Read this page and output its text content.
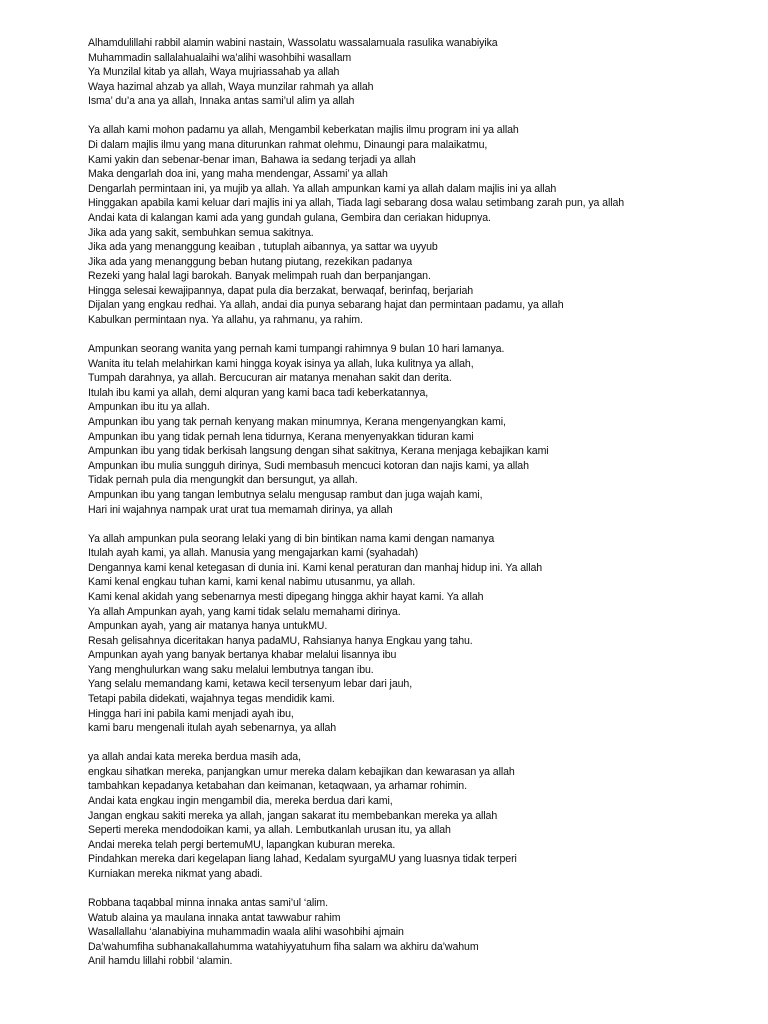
Alhamdulillahi rabbil alamin wabini nastain, Wassolatu wassalamuala rasulika wanabiyika
Muhammadin sallalahualaihi wa’alihi wasohbihi wasallam
Ya Munzilal kitab ya allah, Waya mujriassahab ya allah
Waya hazimal ahzab ya allah, Waya munzilar rahmah ya allah
Isma’ du’a ana ya allah, Innaka antas sami’ul alim ya allah
Ya allah kami mohon padamu ya allah, Mengambil keberkatan majlis ilmu program ini ya allah
Di dalam majlis ilmu yang mana diturunkan rahmat olehmu, Dinaungi para malaikatmu,
Kami yakin dan sebenar-benar iman, Bahawa ia sedang terjadi ya allah
Maka dengarlah doa ini, yang maha mendengar, Assami’ ya allah
Dengarlah permintaan ini, ya mujib ya allah. Ya allah ampunkan kami ya allah dalam majlis ini ya allah
Hinggakan apabila kami keluar dari majlis ini ya allah, Tiada lagi sebarang dosa walau setimbang zarah pun, ya allah
Andai kata di kalangan kami ada yang gundah gulana, Gembira dan ceriakan hidupnya.
Jika ada yang sakit, sembuhkan semua sakitnya.
Jika ada yang menanggung keaiban , tutuplah aibannya, ya sattar wa uyyub
Jika ada yang menanggung beban hutang piutang, rezekikan padanya
Rezeki yang halal lagi barokah. Banyak melimpah ruah dan berpanjangan.
Hingga selesai kewajipannya, dapat pula dia berzakat, berwaqaf, berinfaq, berjariah
Dijalan yang engkau redhai. Ya allah, andai dia punya sebarang hajat dan permintaan padamu, ya allah
Kabulkan permintaan nya. Ya allahu, ya rahmanu, ya rahim.
Ampunkan seorang wanita yang pernah kami tumpangi rahimnya 9 bulan 10 hari lamanya.
Wanita itu telah melahirkan kami hingga koyak isinya ya allah, luka kulitnya ya allah,
Tumpah darahnya, ya allah. Bercucuran air matanya menahan sakit dan derita.
Itulah ibu kami ya allah, demi alquran yang kami baca tadi keberkatannya,
Ampunkan ibu itu ya allah.
Ampunkan ibu yang tak pernah kenyang makan minumnya, Kerana mengenyangkan kami,
Ampunkan ibu yang tidak pernah lena tidurnya, Kerana menyenyakkan tiduran kami
Ampunkan ibu yang tidak berkisah langsung dengan sihat sakitnya, Kerana menjaga kebajikan kami
Ampunkan ibu mulia sungguh dirinya, Sudi membasuh mencuci kotoran dan najis kami, ya allah
Tidak pernah pula dia mengungkit dan bersungut, ya allah.
Ampunkan ibu yang tangan lembutnya selalu mengusap rambut dan juga wajah kami,
Hari ini wajahnya nampak urat urat tua memamah dirinya, ya allah
Ya allah ampunkan pula seorang lelaki yang di bin bintikan nama kami dengan namanya
Itulah ayah kami, ya allah. Manusia yang mengajarkan kami (syahadah)
Dengannya kami kenal ketegasan di dunia ini. Kami kenal peraturan dan manhaj hidup ini. Ya allah
Kami kenal engkau tuhan kami, kami kenal nabimu utusanmu, ya allah.
Kami kenal akidah yang sebenarnya mesti dipegang hingga akhir hayat kami. Ya allah
Ya allah Ampunkan ayah, yang kami tidak selalu memahami dirinya.
Ampunkan ayah, yang air matanya hanya untukMU.
Resah gelisahnya diceritakan hanya padaMU, Rahsianya hanya Engkau yang tahu.
Ampunkan ayah yang banyak bertanya khabar melalui lisannya ibu
Yang menghulurkan wang saku melalui lembutnya tangan ibu.
Yang selalu memandang kami, ketawa kecil tersenyum lebar dari jauh,
Tetapi pabila didekati, wajahnya tegas mendidik kami.
Hingga hari ini pabila kami menjadi ayah ibu,
kami baru mengenali itulah ayah sebenarnya, ya allah
ya allah andai kata mereka berdua masih ada,
engkau sihatkan mereka, panjangkan umur mereka dalam kebajikan dan kewarasan ya allah
tambahkan kepadanya ketabahan dan keimanan, ketaqwaan, ya arhamar rohimin.
Andai kata engkau ingin mengambil dia, mereka berdua dari kami,
Jangan engkau sakiti mereka ya allah, jangan sakarat itu membebankan mereka ya allah
Seperti mereka mendodoikan kami, ya allah. Lembutkanlah urusan itu, ya allah
Andai mereka telah pergi bertemuMU, lapangkan kuburan mereka.
Pindahkan mereka dari kegelapan liang lahad, Kedalam syurgaMU yang luasnya tidak terperi
Kurniakan mereka nikmat yang abadi.
Robbana taqabbal minna innaka antas sami’ul ‘alim.
Watub alaina ya maulana innaka antat tawwabur rahim
Wasallallahu ‘alanabiyina muhammadin waala alihi wasohbihi ajmain
Da’wahumfiha subhanakallahumma watahiyyatuhum fiha salam wa akhiru da’wahum
Anil hamdu lillahi robbil ‘alamin.
